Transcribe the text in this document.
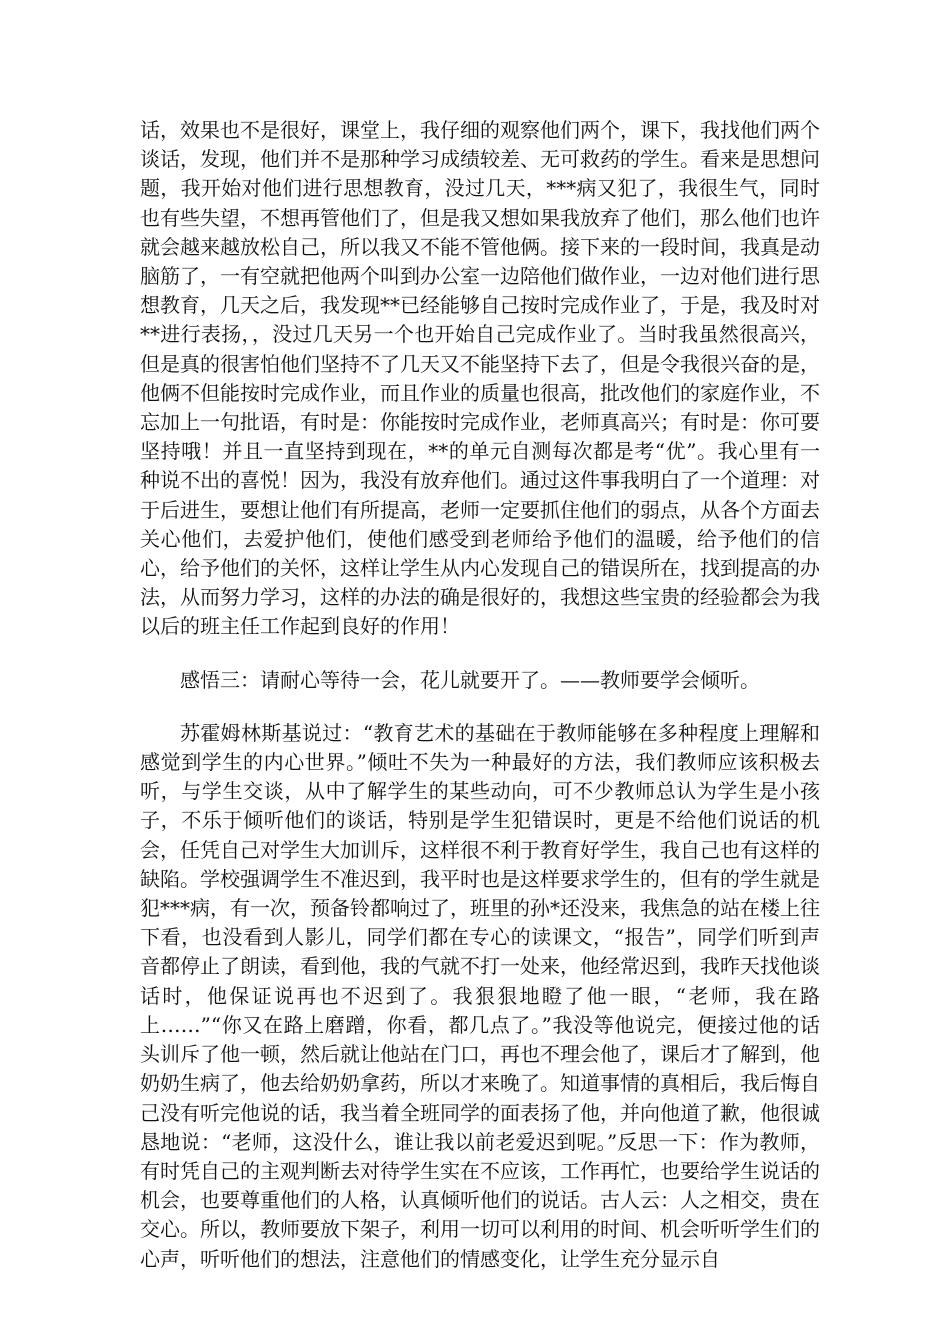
话，效果也不是很好，课堂上，我仔细的观察他们两个，课下，我找他们两个谈话，发现，他们并不是那种学习成绩较差、无可救药的学生。看来是思想问题，我开始对他们进行思想教育，没过几天，***病又犯了，我很生气，同时也有些失望，不想再管他们了，但是我又想如果我放弃了他们，那么他们也许就会越来越放松自己，所以我又不能不管他俩。接下来的一段时间，我真是动脑筋了，一有空就把他两个叫到办公室一边陪他们做作业，一边对他们进行思想教育，几天之后，我发现**已经能够自己按时完成作业了，于是，我及时对**进行表扬，，没过几天另一个也开始自己完成作业了。当时我虽然很高兴，但是真的很害怕他们坚持不了几天又不能坚持下去了，但是令我很兴奋的是，他俩不但能按时完成作业，而且作业的质量也很高，批改他们的家庭作业，不忘加上一句批语，有时是：你能按时完成作业，老师真高兴；有时是：你可要坚持哦！并且一直坚持到现在，**的单元自测每次都是考“优”。我心里有一种说不出的喜悦！因为，我没有放弃他们。通过这件事我明白了一个道理：对于后进生，要想让他们有所提高，老师一定要抓住他们的弱点，从各个方面去关心他们，去爱护他们，使他们感受到老师给予他们的温暖，给予他们的信心，给予他们的关怀，这样让学生从内心发现自己的错误所在，找到提高的办法，从而努力学习，这样的办法的确是很好的，我想这些宝贵的经验都会为我以后的班主任工作起到良好的作用！

感悟三：请耐心等待一会，花儿就要开了。——教师要学会倾听。

苏霍姆林斯基说过：“教育艺术的基础在于教师能够在多种程度上理解和感觉到学生的内心世界。”倾吐不失为一种最好的方法，我们教师应该积极去听，与学生交谈，从中了解学生的某些动向，可不少教师总认为学生是小孩子，不乐于倾听他们的谈话，特别是学生犯错误时，更是不给他们说话的机会，任凭自己对学生大加训斥，这样很不利于教育好学生，我自己也有这样的缺陷。学校强调学生不准迟到，我平时也是这样要求学生的，但有的学生就是犯***病，有一次，预备铃都响过了，班里的孙*还没来，我焦急的站在楼上往下看，也没看到人影儿，同学们都在专心的读课文，“报告”，同学们听到声音都停止了朗读，看到他，我的气就不打一处来，他经常迟到，我昨天找他谈话时，他保证说再也不迟到了。我狠狠地瞪了他一眼，“老师，我在路上……”“你又在路上磨蹭，你看，都几点了。”我没等他说完，便接过他的话头训斥了他一顿，然后就让他站在门口，再也不理会他了，课后才了解到，他奶奶生病了，他去给奶奶拿药，所以才来晚了。知道事情的真相后，我后悔自己没有听完他说的话，我当着全班同学的面表扬了他，并向他道了歉，他很诚恳地说：“老师，这没什么，谁让我以前老爱迟到呢。”反思一下：作为教师，有时凭自己的主观判断去对待学生实在不应该，工作再忙，也要给学生说话的机会，也要尊重他们的人格，认真倾听他们的说话。古人云：人之相交，贵在交心。所以，教师要放下架子，利用一切可以利用的时间、机会听听学生们的心声，听听他们的想法，注意他们的情感变化，让学生充分显示自
